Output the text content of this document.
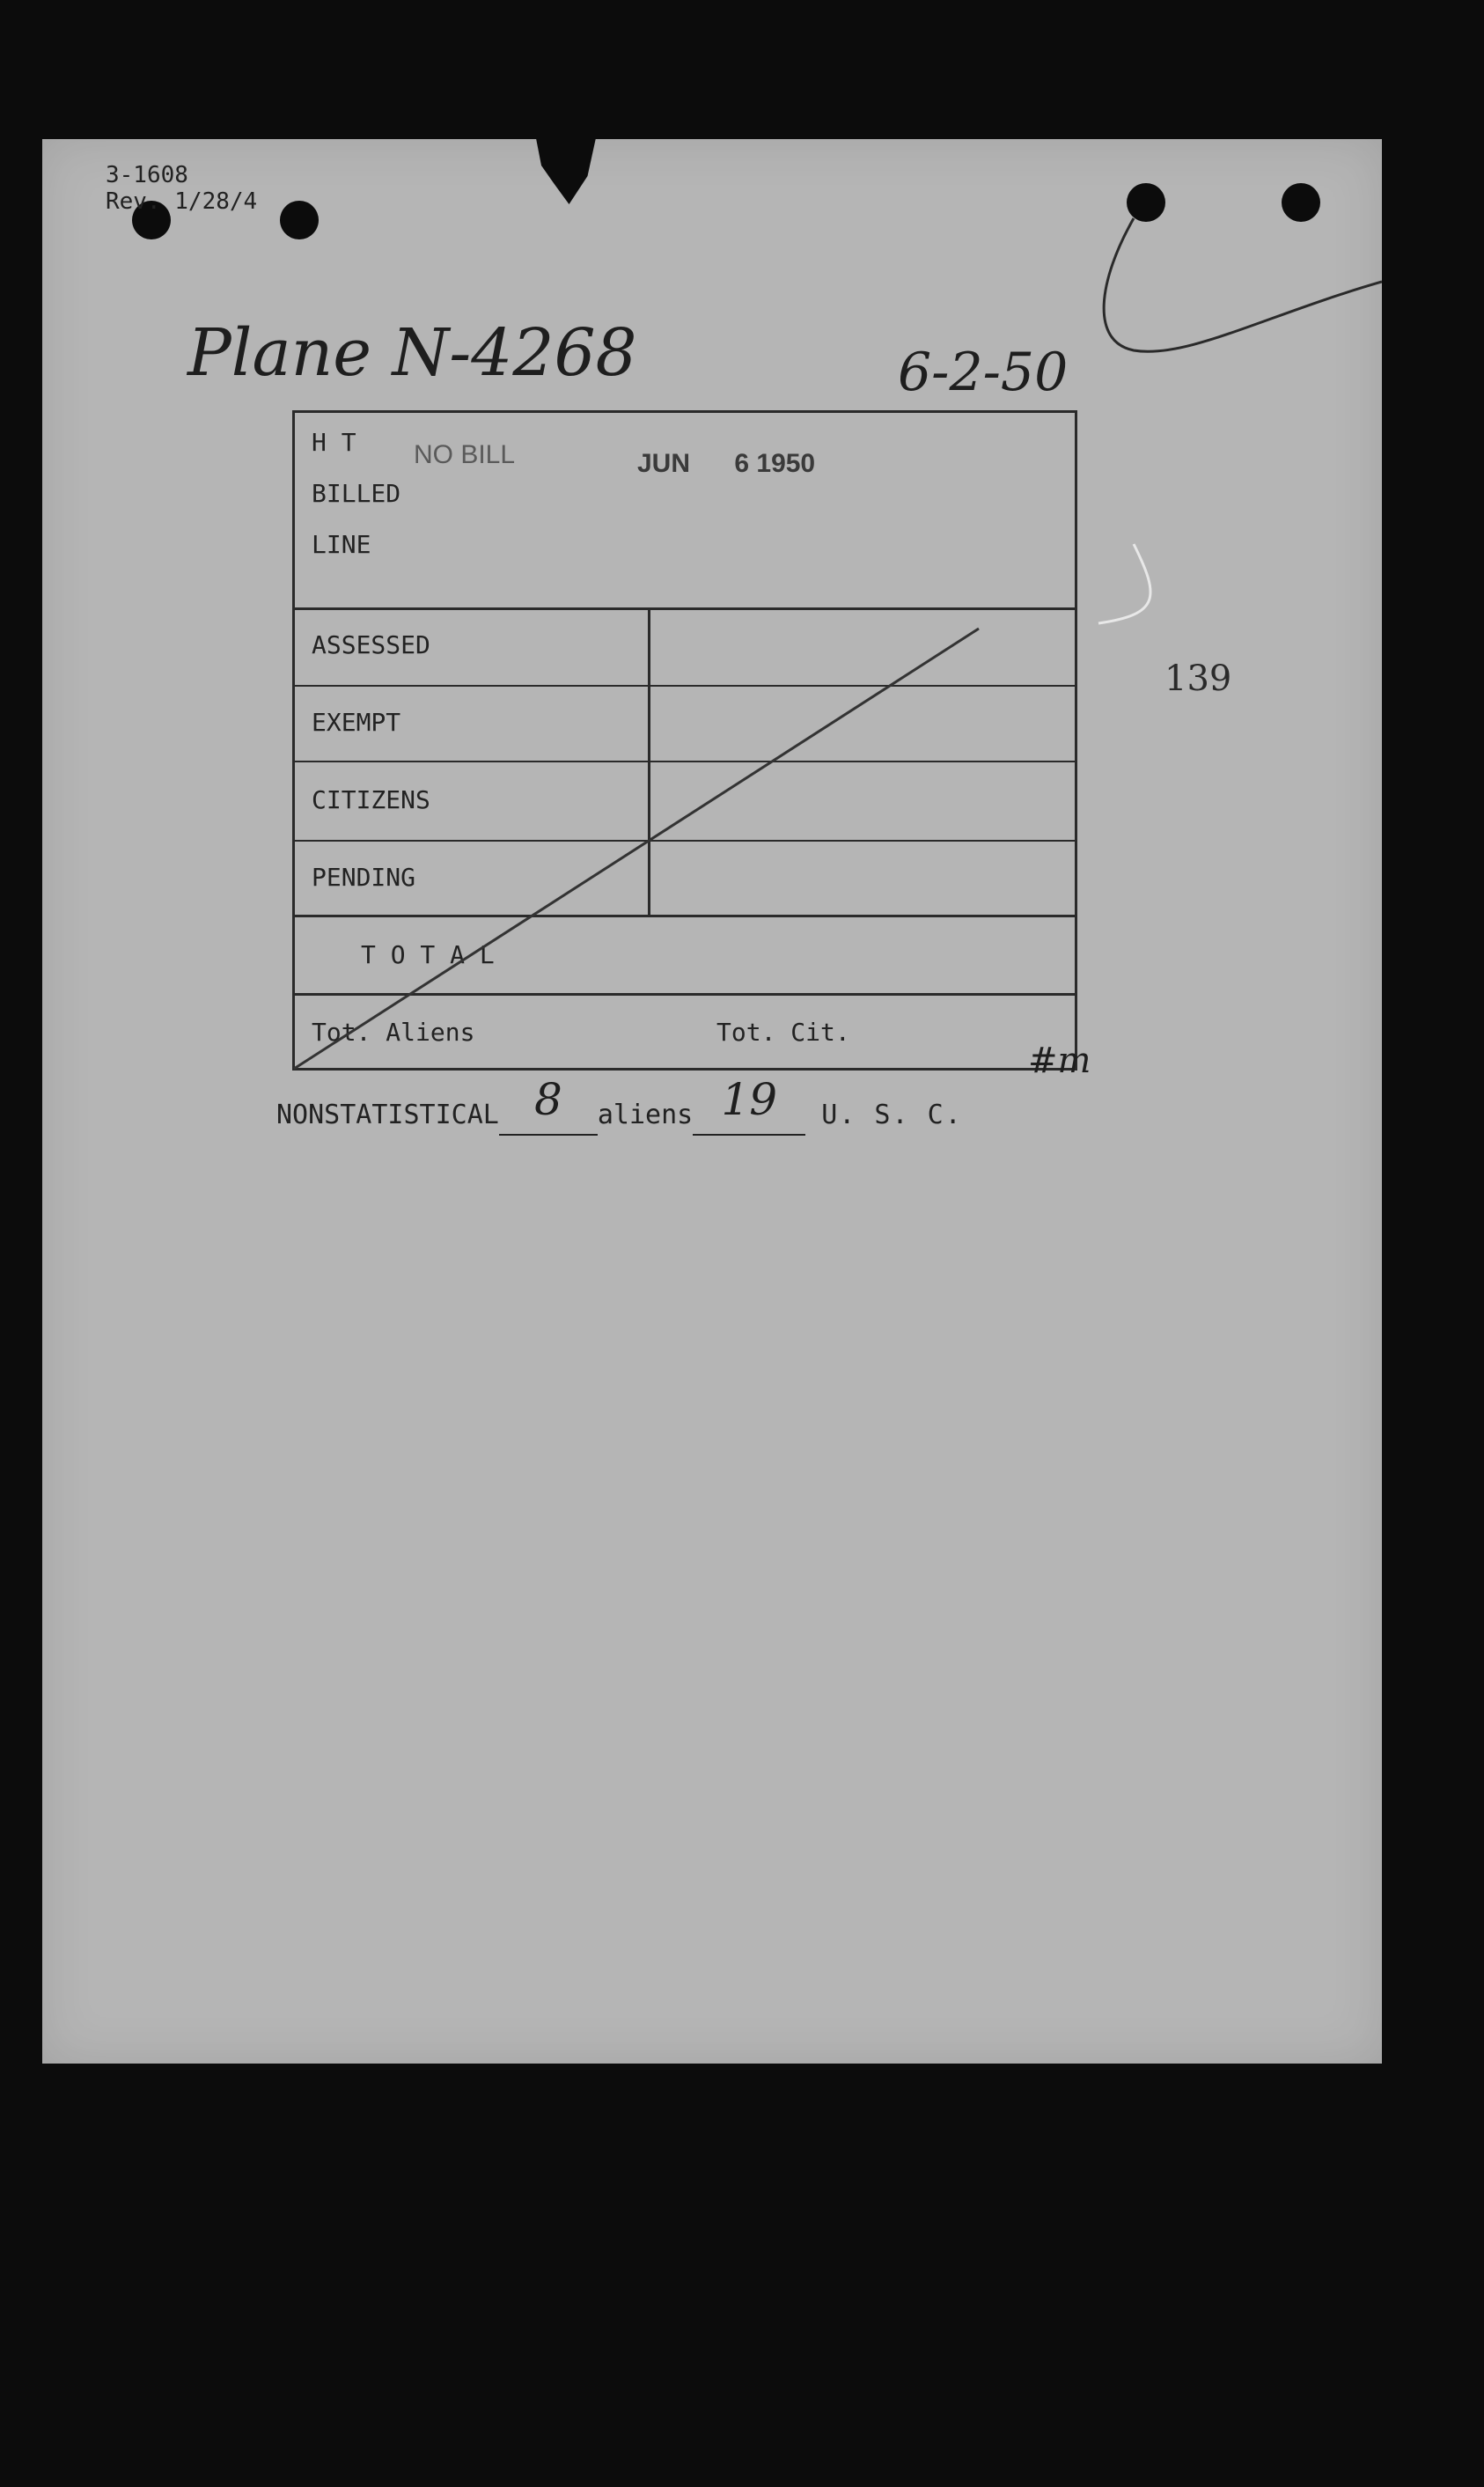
3-1608
Rev. 1/28/4
Plane N-4268	6-2-50
139
H T
BILLED
LINE
NO BILL	JUN 6 1950
ASSESSED
EXEMPT
CITIZENS
PENDING
T O T A L
Tot. Aliens	Tot. Cit.
#m
NONSTATISTICAL 8 aliens 19 U. S. C.
